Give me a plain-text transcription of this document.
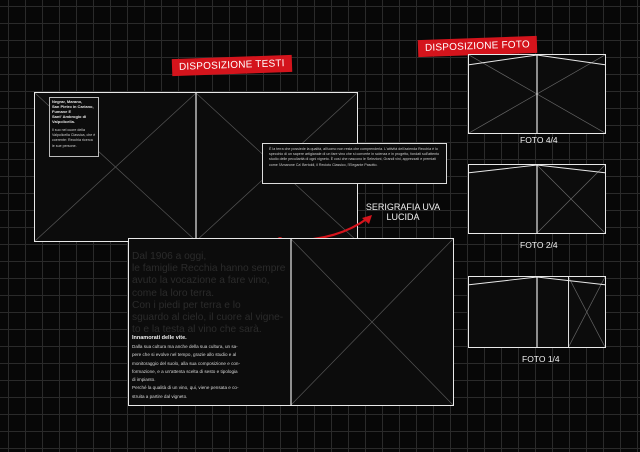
DISPOSIZIONE TESTI
DISPOSIZIONE FOTO
Negrar, Marano,
San Pietro in Cariano,
Fumane E
Sant' Ambrogio di
Valpolicella.
Il suo nel cuore della Valpolicella Classica, che è coerente: Recchia ricerca le sue persone.
È la terra che possiede la qualità, all'uomo non resta che comprenderla. L'attività dell'azienda Recchia è lo specchio di un sapere artigianale di un fare vino che si converte in scienza e in progetto, fondati sull'attento studio delle peculiarità di ogni vigneto. È così che nascono le Selezioni, Grandi vini, apprezzati e premiati come l'Amarone Ca' Bertoldi, il Recioto Classico, l'Elegante Pasotto.
SERIGRAFIA UVA
LUCIDA
Dal 1906 a oggi,
le famiglie Recchia hanno sempre
avuto la vocazione a fare vino,
come la loro terra.
Con i piedi per terra e lo
sguardo al cielo, il cuore al vigne-
to e la testa al vino che sarà.
Innamorati delle vite.
Dalla sua cultura ma anche della sua cultura, un sa-
pere che si evolve nel tempo, grazie allo studio e al
monitoraggio del suolo, alla sua composizione e con-
formazione, e a un'attenta scelta di sesto e tipologia
di impianto.
Perché la qualità di un vino, qui, viene pensata e co-
struita a partire dal vigneto.
FOTO 4/4
FOTO 2/4
FOTO 1/4
